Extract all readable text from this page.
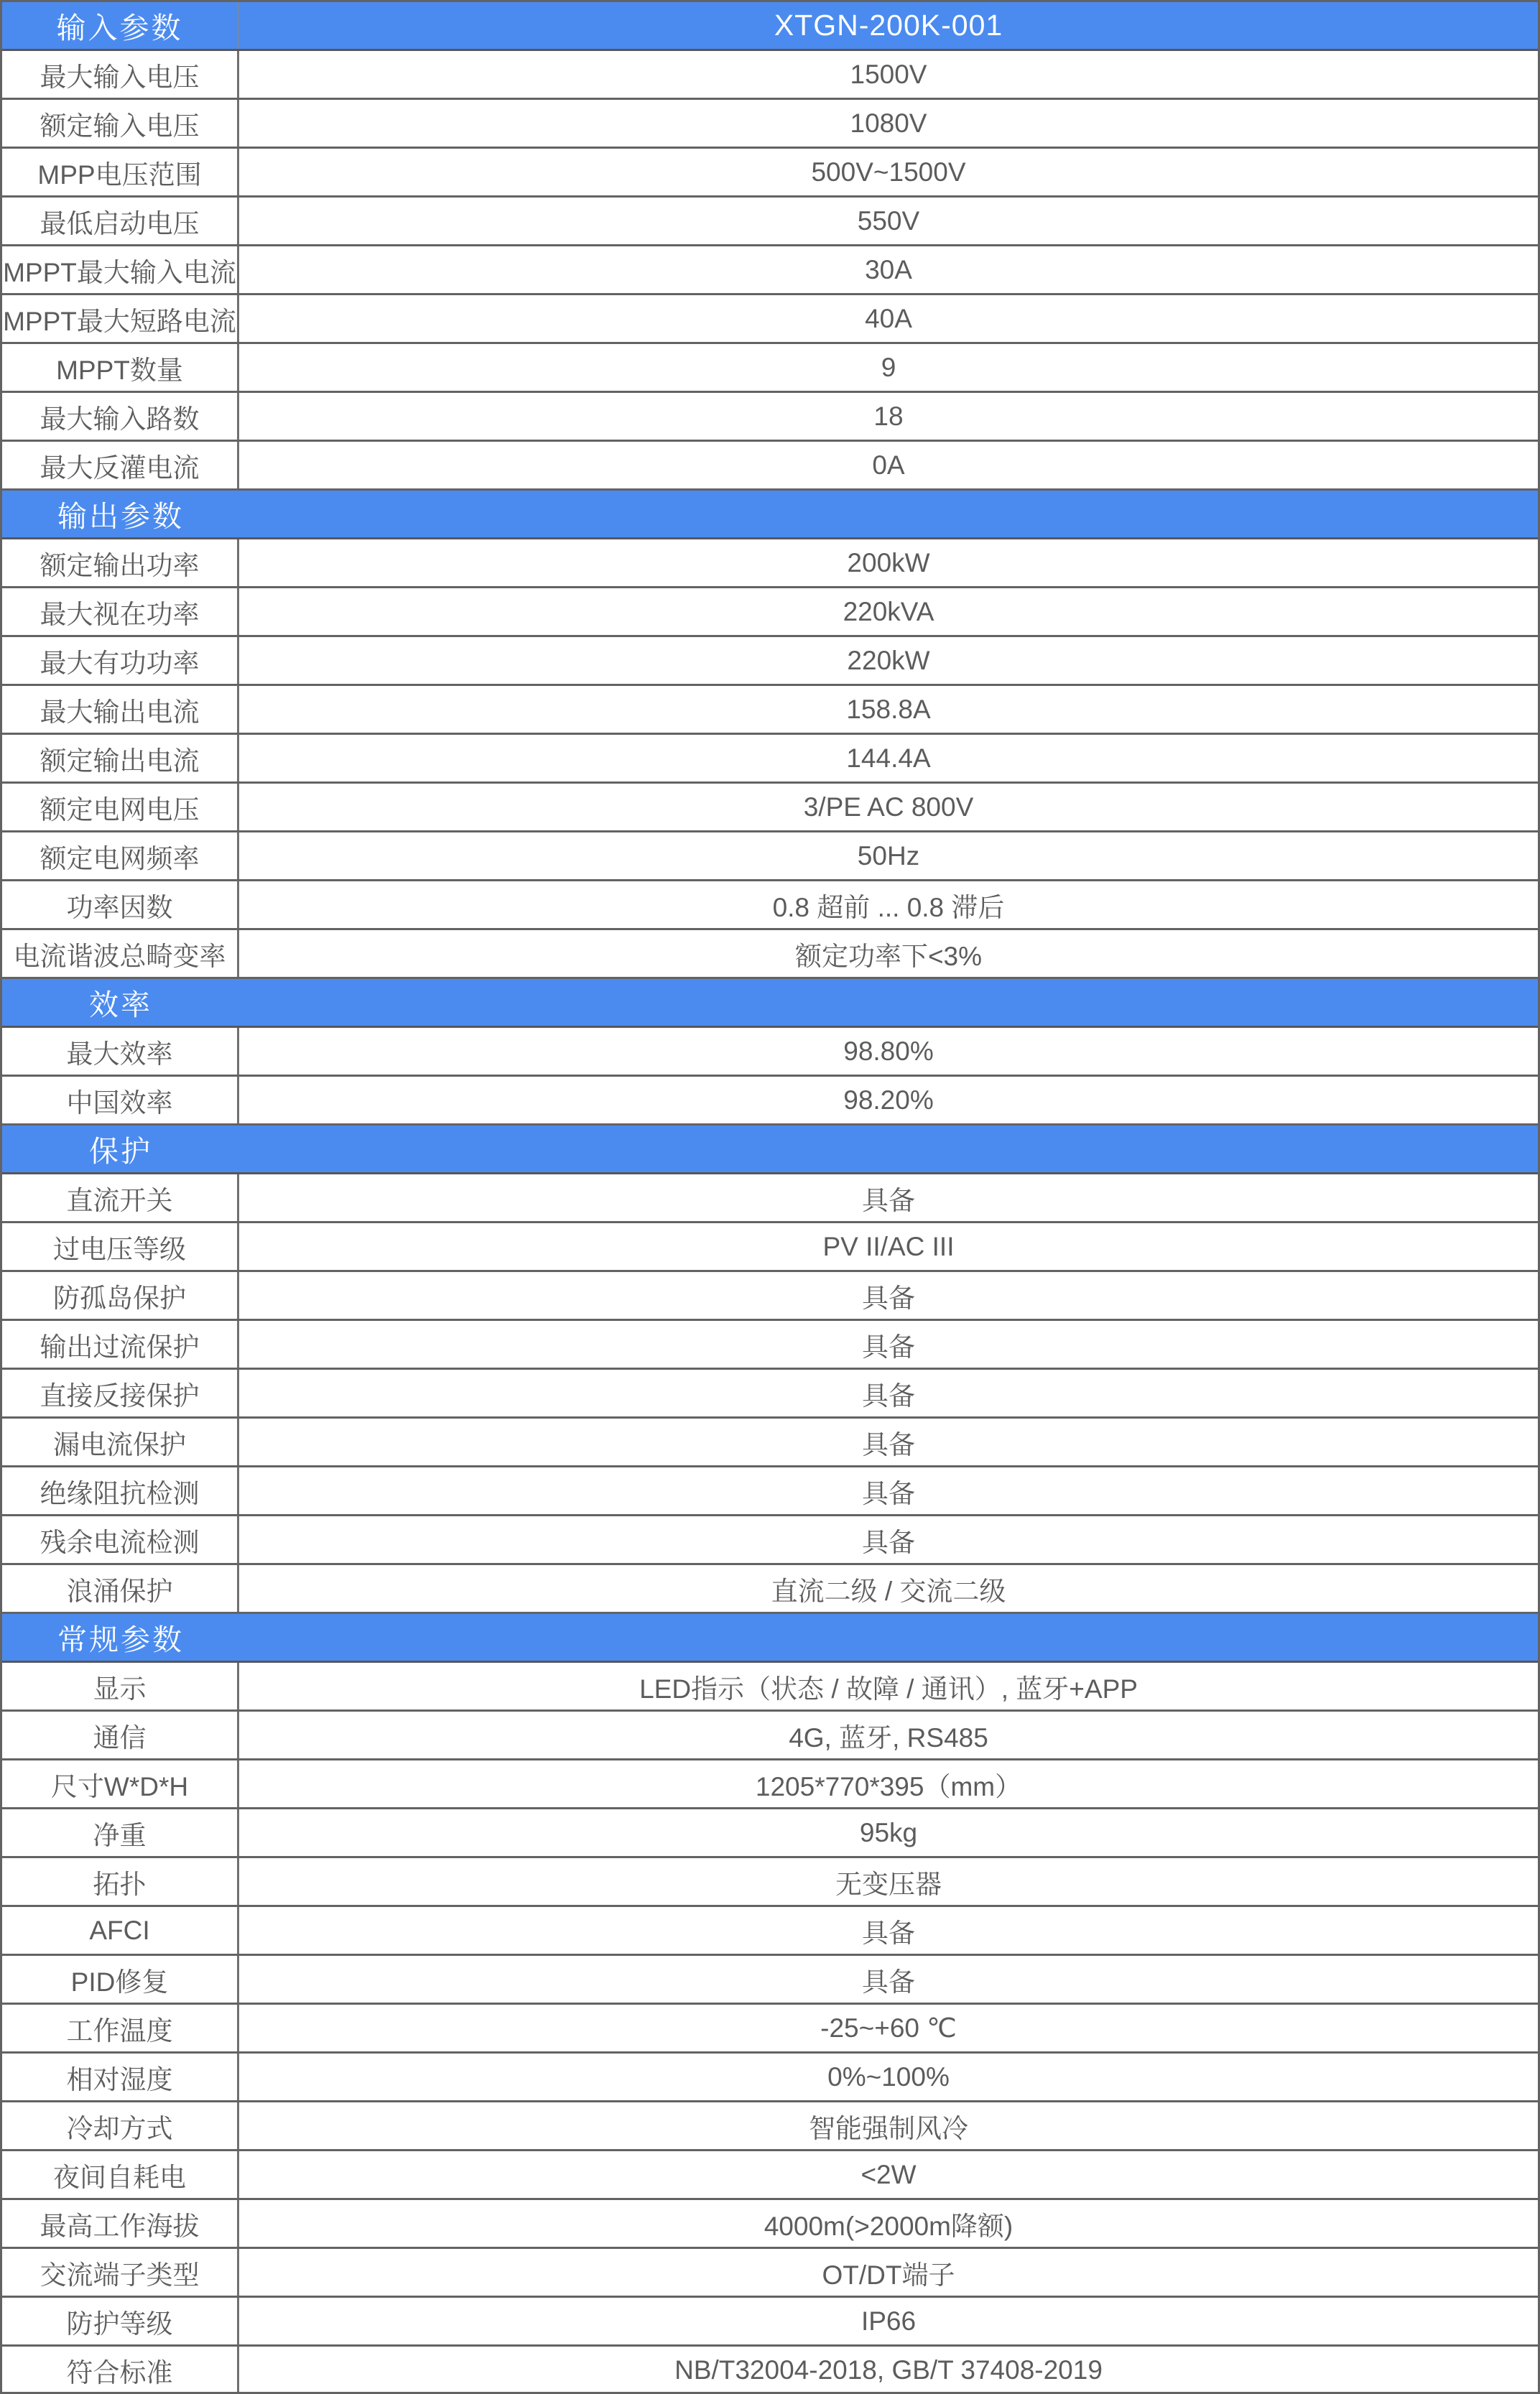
输入参数	XTGN-200K-001
最大输入电压	1500V
额定输入电压	1080V
MPP电压范围	500V~1500V
最低启动电压	550V
MPPT最大输入电流	30A
MPPT最大短路电流	40A
MPPT数量	9
最大输入路数	18
最大反灌电流	0A
输出参数
额定输出功率	200kW
最大视在功率	220kVA
最大有功功率	220kW
最大输出电流	158.8A
额定输出电流	144.4A
额定电网电压	3/PE AC 800V
额定电网频率	50Hz
功率因数	0.8 超前 ... 0.8 滞后
电流谐波总畸变率	额定功率下<3%
效率
最大效率	98.80%
中国效率	98.20%
保护
直流开关	具备
过电压等级	PV II/AC III
防孤岛保护	具备
输出过流保护	具备
直接反接保护	具备
漏电流保护	具备
绝缘阻抗检测	具备
残余电流检测	具备
浪涌保护	直流二级 / 交流二级
常规参数
显示	LED指示（状态 / 故障 / 通讯）, 蓝牙+APP
通信	4G, 蓝牙, RS485
尺寸W*D*H	1205*770*395（mm）
净重	95kg
拓扑	无变压器
AFCI	具备
PID修复	具备
工作温度	-25~+60 ℃
相对湿度	0%~100%
冷却方式	智能强制风冷
夜间自耗电	<2W
最高工作海拔	4000m(>2000m降额)
交流端子类型	OT/DT端子
防护等级	IP66
符合标准	NB/T32004-2018, GB/T 37408-2019
